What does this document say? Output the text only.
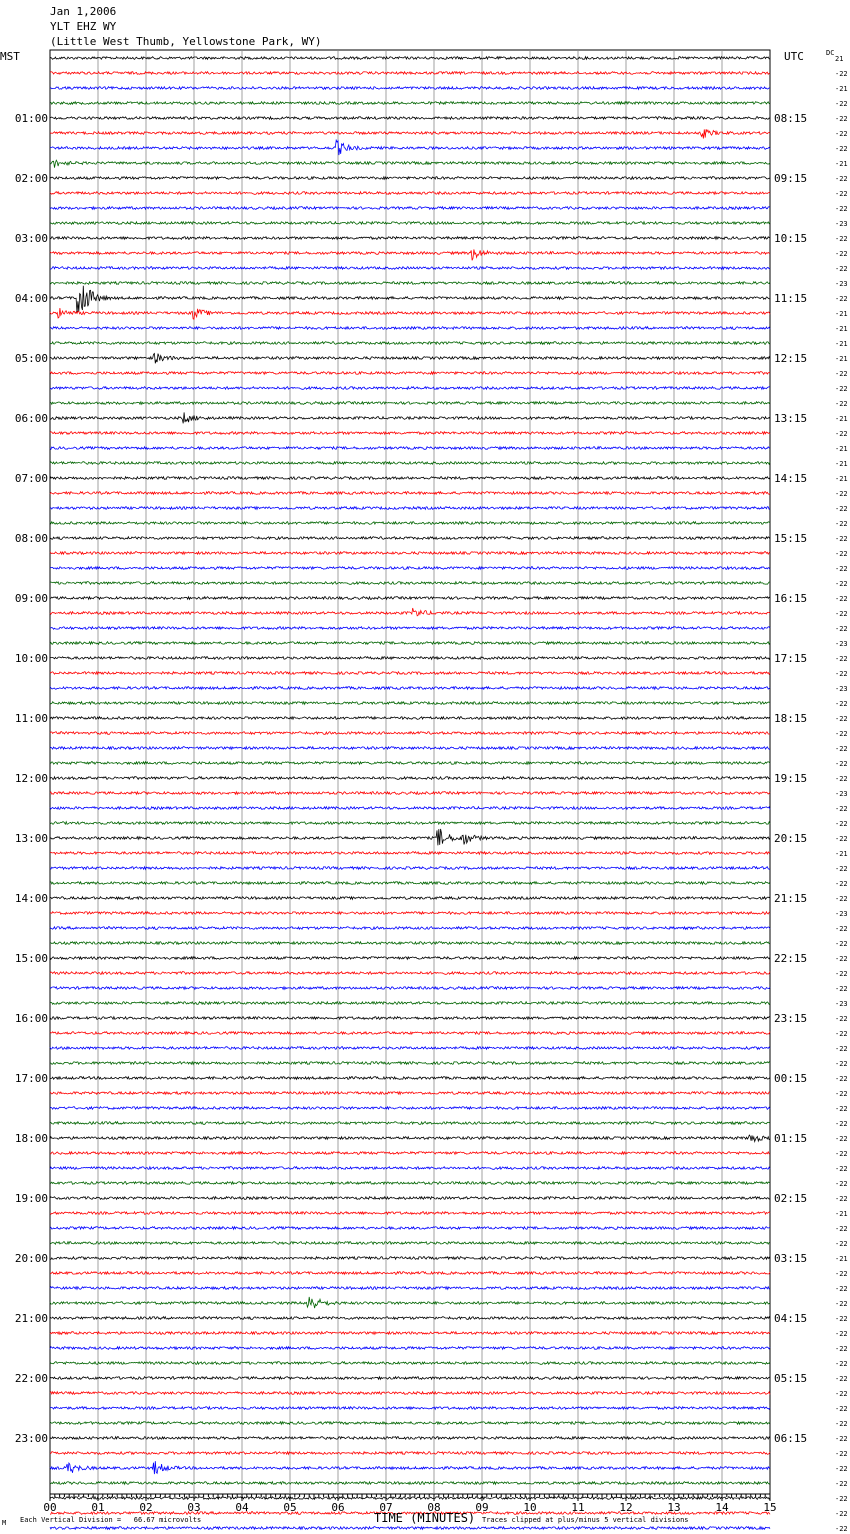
Jan 1,2006
YLT EHZ WY
(Little West Thumb, Yellowstone Park, WY)
MST	UTC	DC
00	01	02	03	04	05	06	07	08	09	10	11	12	13	14	15
01:00
02:00
03:00
04:00
05:00
06:00
07:00
08:00
09:00
10:00
11:00
12:00
13:00
14:00
15:00
16:00
17:00
18:00
19:00
20:00
21:00
22:00
23:00
08:15
09:15
10:15
11:15
12:15
13:15
14:15
15:15
16:15
17:15
18:15
19:15
20:15
21:15
22:15
23:15
00:15
01:15
02:15
03:15
04:15
05:15
06:15
21
-22
-21
-22
-22
-22
-22
-21
-22
-22
-22
-23
-22
-22
-22
-23
-22
-21
-21
-21
-21
-22
-22
-22
-21
-22
-21
-21
-21
-22
-22
-22
-22
-22
-22
-22
-22
-22
-22
-23
-22
-22
-23
-22
-22
-22
-22
-22
-22
-23
-22
-22
-22
-21
-22
-22
-22
-23
-22
-22
-22
-22
-22
-23
-22
-22
-22
-22
-22
-22
-22
-22
-22
-22
-22
-22
-22
-21
-22
-22
-21
-22
-22
-22
-22
-22
-22
-22
-22
-22
-22
-22
-22
-22
-22
-22
-22
-22
-22
TIME (MINUTES)
Each Vertical Division =   66.67 microvolts	Traces clipped at plus/minus 5 vertical divisions
M
